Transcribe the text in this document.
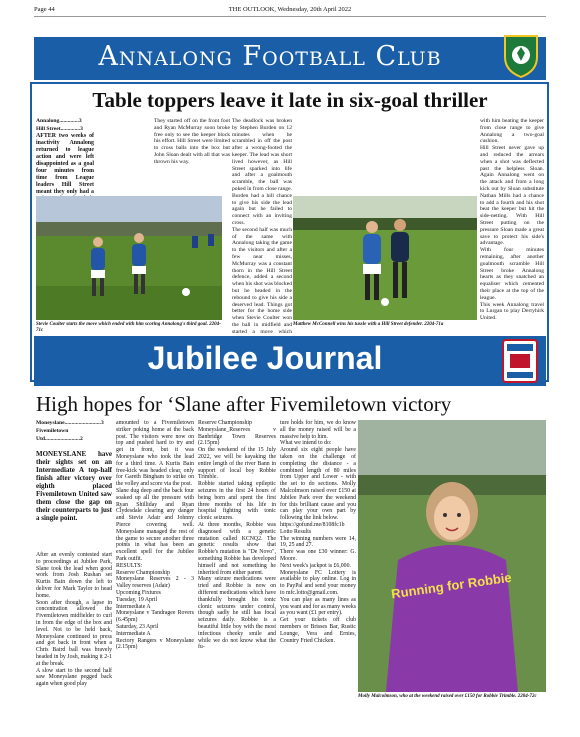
Page 44	THE OUTLOOK, Wednesday, 20th April 2022
Annalong Football Club
Table toppers leave it late in six-goal thriller

Annalong..............3

Hill Street..............3

AFTER two weeks of inactivity Annalong returned to league action and were left disappointed as a goal four minutes from time from League leaders Hill Street meant they only had a
They started off on the front foot and Ryan McMurray soon broke free only to see the keeper block his effort. Hill Street were limited to cross balls into the box but John Sloan dealt with all that was thrown his way.
The deadlock was broken by Stephen Burden on 12 minutes when he scrambled in off the post after a wrong-footed the keeper. The lead was short lived however, as Hill Street sparked into life and after a goalmouth scramble, the ball was poked in from close range. Burden had a hill chance to give his side the lead again but he failed to connect with an inviting cross.
The second half was much of the same with Annalong taking the game to the visitors and after a few near misses, McMurray was a constant thorn in the Hill Street defence, added a second when his shot was blocked but he headed in the rebound to give his side a deserved lead. Things got better for the home side when Stevie Coulter won the ball in midfield and started a move which
Stevie Coulter starts the move which ended with him scoring Annalong's third goal. 2204-71c
Matthew McConnell wins his tussle with a Hill Street defender. 2204-71a
with him beating the keeper from close range to give Annalong a two-goal cushion.
Hill Street never gave up and reduced the arrears when a shot was deflected past the helpless Sloan. Again Annalong went on the attack and from a long kick out by Sloan substitute Nathan Mills had a chance to add a fourth and his shot beat the keeper but hit the side-netting. With Hill Street putting on the pressure Sloan made a great save to protect his side's advantage.
With four minutes remaining, after another goalmouth scramble Hill Street broke Annalong hearts as they snatched an equaliser which cemented their place at the top of the league.
This week Annalong travel to Lurgan to play Derryhirk United.
Jubilee Journal
High hopes for ‘Slane after Fivemiletown victory

Moneyslane..........................3

Fivemiletown

Utd.........................2

MONEYSLANE have their sights set on an Intermediate A top-half finish after victory over eighth placed Fivemiletown United saw them close the gap on their counterparts to just a single point.
After an evenly contested start to proceedings at Jubilee Park, Slane took the lead when good work from Josh Rushan set Kurtis Bain down the left to deliver for Mark Taylor to head home.
Soon after though, a lapse in concentration allowed the Fivemiletown midfielder to curl in from the edge of the box and level. Not to be held back, Moneyslane continued to press and got back in front when a Chris Baird ball was bravely headed in by Josh, making it 2-1 at the break.
A slow start to the second half saw Moneyslane pegged back again when good play
amounted to a Fivemiletown striker poking home at the back post. The visitors were now on top and pushed hard to try and get in front, but it was Moneyslane who took the lead for a third time. A Kurtis Bain free-kick was headed clear, only for Gareth Bingham to strike on the volley and score via the post.
Slane dug deep and the back four soaked up all the pressure with Ryan Shilliday and Ryan Clydesdale clearing any danger and Stevie Adair and Johnny Pierce covering well. Moneyslane managed the rest of the game to secure another three points in what has been an excellent spell for the Jubilee Park outfit.
RESULTS:
Reserve Championship
Moneyslane Reserves 2 - 3 Valley reserves (Adair)
Upcoming Fixtures
Tuesday, 19 April
Intermediate A
Moneyslane v Tandragee Rovers (6.45pm)
Saturday, 23 April
Intermediate A
Rectory Rangers v Moneyslane (2.15pm)
Reserve Championship
Moneyslane_Reserves v Banbridge Town Reserves (2.15pm)
On the weekend of the 15 July 2022, we will be kayaking the entire length of the river Bann in support of local boy Robbie Trimble.
Robbie started taking epileptic seizures in the first 24 hours of being born and spent the first three months of his life in hospital fighting with tonic clonic seizures.
At three months, Robbie was diagnosed with a genetic mutation called KCNQ2. The genetic results show that Robbie's mutation is "De Novo", something Robbie has developed himself and not something he inherited from either parent.
Many seizure medications were tried and Robbie is now on different medications which have thankfully brought his tonic clonic seizures under control, though sadly he still has focal seizures daily. Robbie is a beautiful little boy with the most infectious cheeky smile and while we do not know what the fu-
ture holds for him, we do know all the money raised will be a massive help to him.
What we intend to do:
Around six eight people have taken on the challenge of completing the distance - a combined length of 80 miles from Upper and Lower - with the set to do sections. Molly Malcolmson raised over £150 at Jubilee Park over the weekend for this brilliant cause and you can play your own part by following the link below.
https://gofund.me/8108fc1b
Lotto Results
The winning numbers were 14, 19, 25 and 27.
There was one £30 winner: G. Moore.
Next week's jackpot is £6,000.
Moneyslane FC Lottery is available to play online. Log in to PayPal and send your money to mfc.lotto@gmail.com.
You can play as many lines as you want and for as many weeks as you want (£1 per entry).
Get your tickets off club members or Brisses Bar, Rustic Lounge, Vera and Ernies, Country Fried Chicken.
Running for Robbie
Molly Malcolmson, who at the weekend raised over £150 for Robbie Trimble. 2204-72c
